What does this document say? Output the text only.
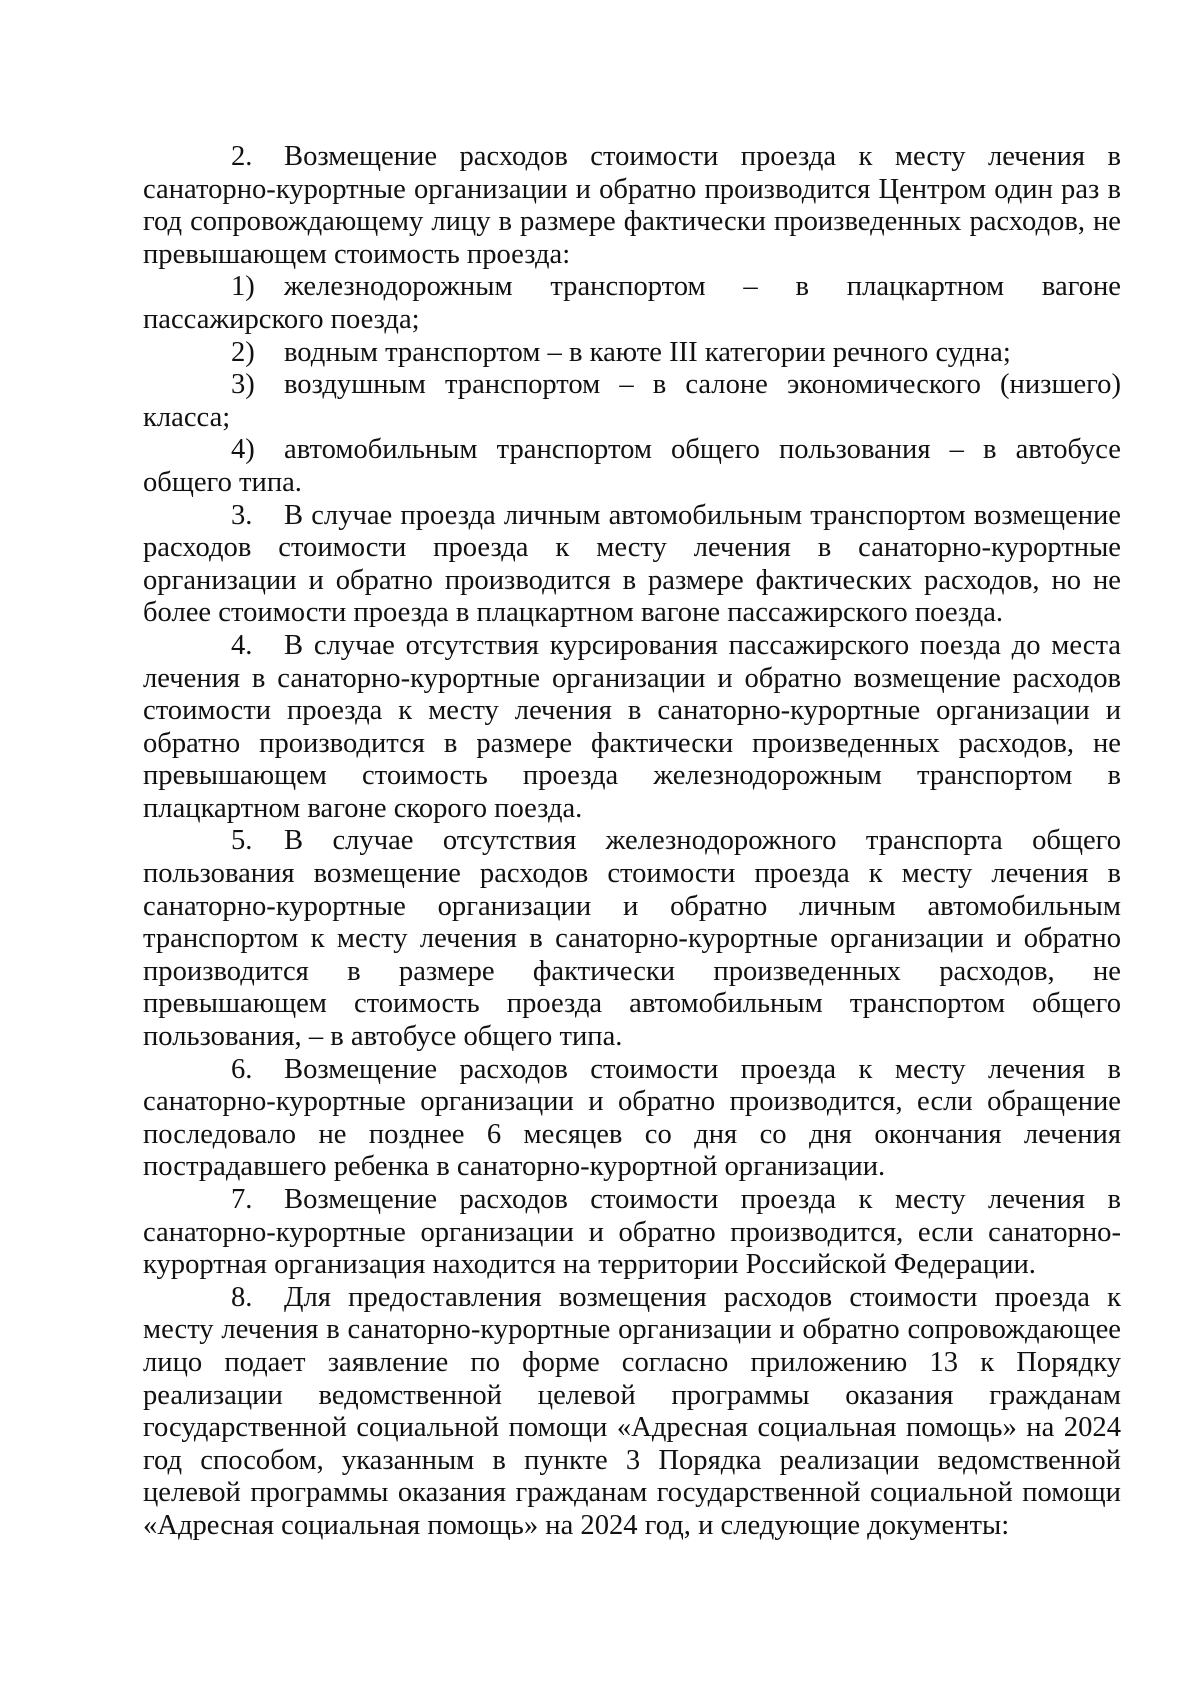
2. Возмещение расходов стоимости проезда к месту лечения в санаторно-курортные организации и обратно производится Центром один раз в год сопровождающему лицу в размере фактически произведенных расходов, не превышающем стоимость проезда:

1) железнодорожным транспортом – в плацкартном вагоне пассажирского поезда;

2) водным транспортом – в каюте III категории речного судна;

3) воздушным транспортом – в салоне экономического (низшего) класса;

4) автомобильным транспортом общего пользования – в автобусе общего типа.

3. В случае проезда личным автомобильным транспортом возмещение расходов стоимости проезда к месту лечения в санаторно-курортные организации и обратно производится в размере фактических расходов, но не более стоимости проезда в плацкартном вагоне пассажирского поезда.

4. В случае отсутствия курсирования пассажирского поезда до места лечения в санаторно-курортные организации и обратно возмещение расходов стоимости проезда к месту лечения в санаторно-курортные организации и обратно производится в размере фактически произведенных расходов, не превышающем стоимость проезда железнодорожным транспортом в плацкартном вагоне скорого поезда.

5. В случае отсутствия железнодорожного транспорта общего пользования возмещение расходов стоимости проезда к месту лечения в санаторно-курортные организации и обратно личным автомобильным транспортом к месту лечения в санаторно-курортные организации и обратно производится в размере фактически произведенных расходов, не превышающем стоимость проезда автомобильным транспортом общего пользования, – в автобусе общего типа.

6. Возмещение расходов стоимости проезда к месту лечения в санаторно-курортные организации и обратно производится, если обращение последовало не позднее 6 месяцев со дня со дня окончания лечения пострадавшего ребенка в санаторно-курортной организации.

7. Возмещение расходов стоимости проезда к месту лечения в санаторно-курортные организации и обратно производится, если санаторно-курортная организация находится на территории Российской Федерации.

8. Для предоставления возмещения расходов стоимости проезда к месту лечения в санаторно-курортные организации и обратно сопровождающее лицо подает заявление по форме согласно приложению 13 к Порядку реализации ведомственной целевой программы оказания гражданам государственной социальной помощи «Адресная социальная помощь» на 2024 год способом, указанным в пункте 3 Порядка реализации ведомственной целевой программы оказания гражданам государственной социальной помощи «Адресная социальная помощь» на 2024 год, и следующие документы:
